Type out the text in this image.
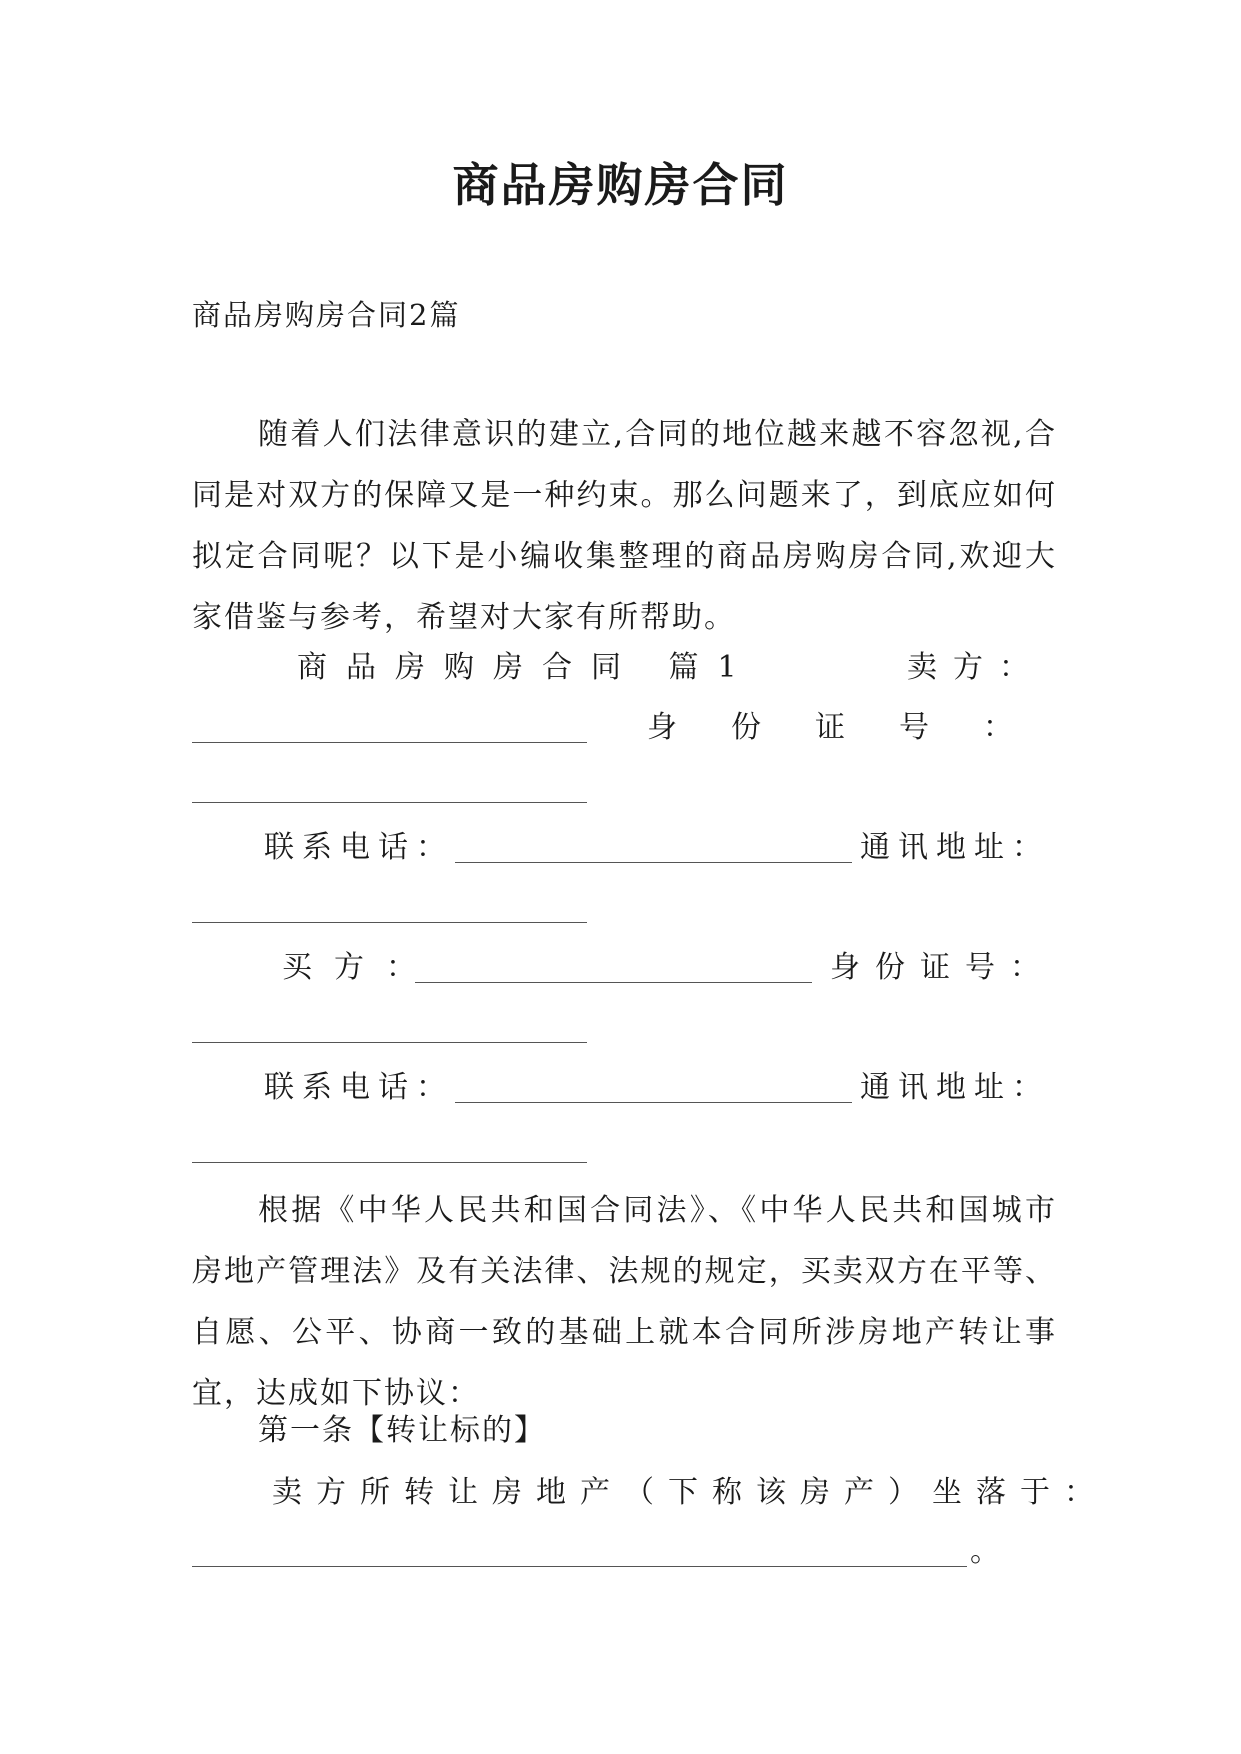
商品房购房合同
商品房购房合同2篇
随着人们法律意识的建立,合同的地位越来越不容忽视,合同是对双方的保障又是一种约束。那么问题来了，到底应如何拟定合同呢？以下是小编收集整理的商品房购房合同,欢迎大家借鉴与参考，希望对大家有所帮助。
商品房购房合同 篇1	卖方：
身份证号：
联系电话：	通讯地址：
买方：	身份证号：
联系电话：	通讯地址：
根据《中华人民共和国合同法》、《中华人民共和国城市房地产管理法》及有关法律、法规的规定，买卖双方在平等、自愿、公平、协商一致的基础上就本合同所涉房地产转让事宜，达成如下协议：
第一条【转让标的】
卖方所转让房地产（下称该房产）坐落于：
。
